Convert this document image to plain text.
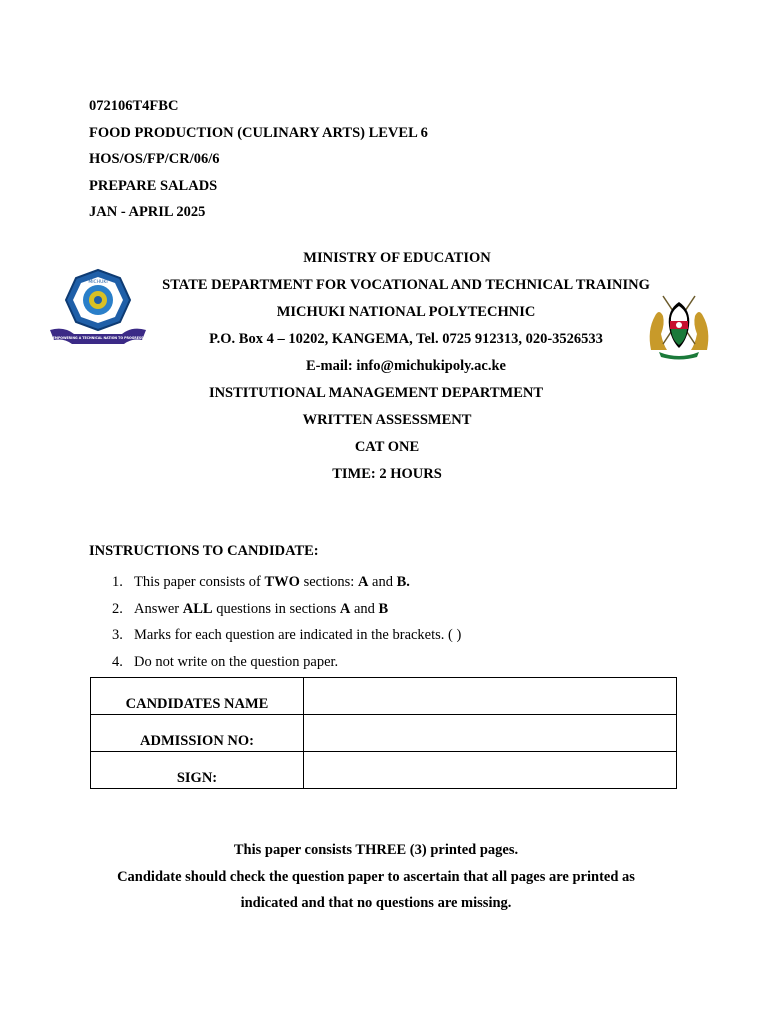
072106T4FBC
FOOD PRODUCTION (CULINARY ARTS) LEVEL 6
HOS/OS/FP/CR/06/6
PREPARE SALADS
JAN - APRIL 2025
MINISTRY OF EDUCATION
STATE DEPARTMENT FOR VOCATIONAL AND TECHNICAL TRAINING
MICHUKI NATIONAL POLYTECHNIC
P.O. Box 4 – 10202, KANGEMA, Tel. 0725 912313, 020-3526533
E-mail: info@michukipoly.ac.ke
INSTITUTIONAL MANAGEMENT DEPARTMENT
WRITTEN ASSESSMENT
CAT ONE
TIME: 2 HOURS
MICHUKI
EMPOWERING A TECHNICAL NATION TO PROGRESS
INSTRUCTIONS TO CANDIDATE:
1. This paper consists of TWO sections: A and B.
2. Answer ALL questions in sections A and B
3. Marks for each question are indicated in the brackets. ( )
4. Do not write on the question paper.
CANDIDATES NAME	
ADMISSION NO:	
SIGN:	
This paper consists THREE (3) printed pages.
Candidate should check the question paper to ascertain that all pages are printed as
indicated and that no questions are missing.
